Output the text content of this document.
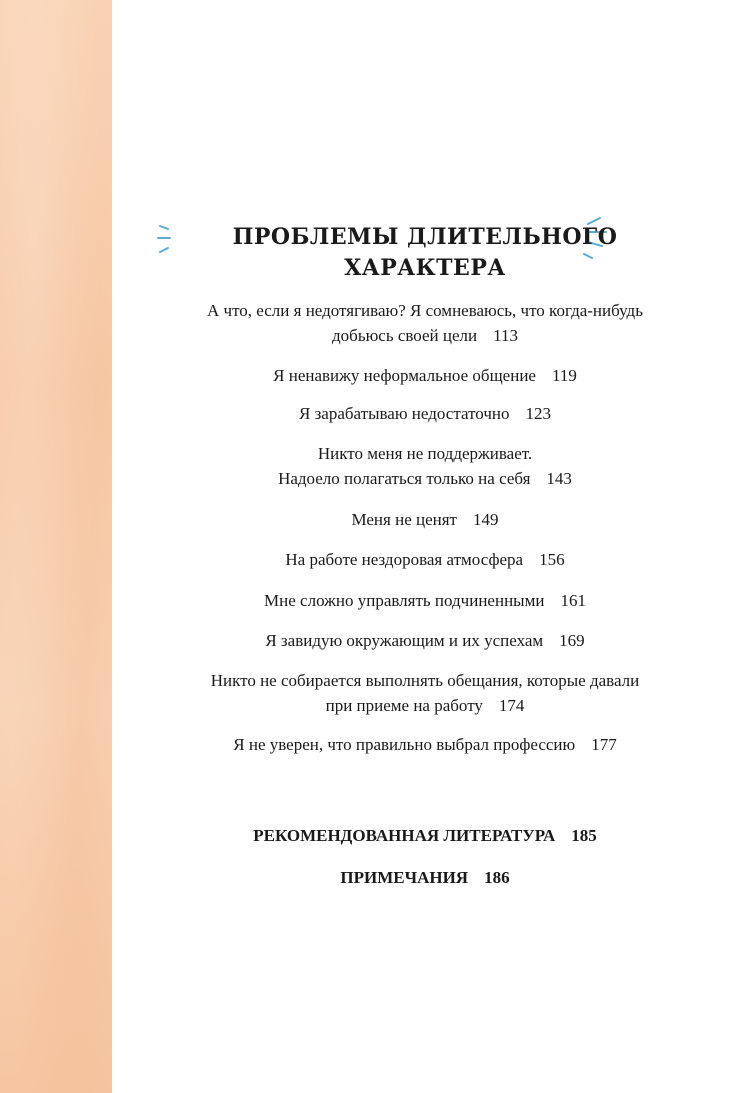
ПРОБЛЕМЫ ДЛИТЕЛЬНОГО
ХАРАКТЕРА
А что, если я недотягиваю? Я сомневаюсь, что когда-нибудь
добьюсь своей цели 113
Я ненавижу неформальное общение 119
Я зарабатываю недостаточно 123
Никто меня не поддерживает.
Надоело полагаться только на себя 143
Меня не ценят 149
На работе нездоровая атмосфера 156
Мне сложно управлять подчиненными 161
Я завидую окружающим и их успехам 169
Никто не собирается выполнять обещания, которые давали
при приеме на работу 174
Я не уверен, что правильно выбрал профессию 177
РЕКОМЕНДОВАННАЯ ЛИТЕРАТУРА 185
ПРИМЕЧАНИЯ 186
